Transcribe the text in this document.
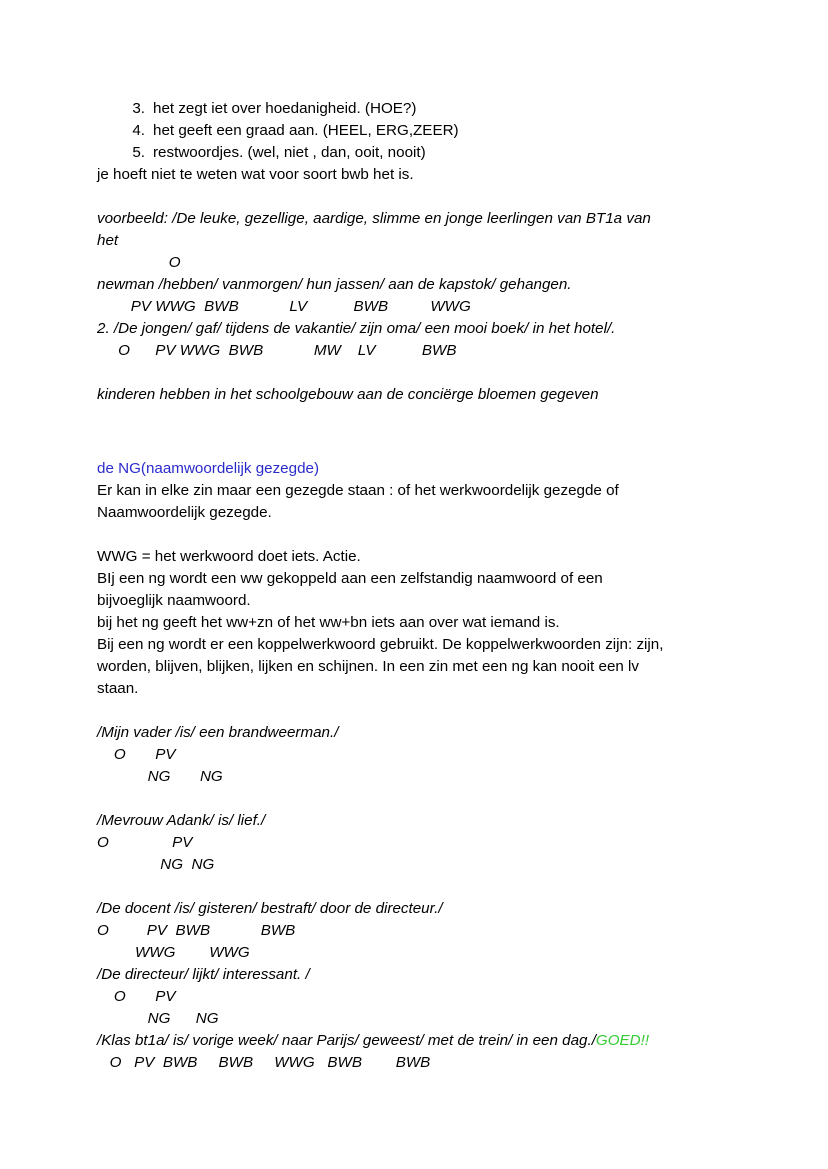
3. het zegt iet over hoedanigheid. (HOE?)
4. het geeft een graad aan. (HEEL, ERG,ZEER)
5. restwoordjes. (wel, niet , dan, ooit, nooit)

je hoeft niet te weten wat voor soort bwb het is.

voorbeeld: /De leuke, gezellige, aardige, slimme en jonge leerlingen van BT1a van
het
O
newman /hebben/ vanmorgen/ hun jassen/ aan de kapstok/ gehangen.
PV WWG  BWB            LV           BWB          WWG
2. /De jongen/ gaf/ tijdens de vakantie/ zijn oma/ een mooi boek/ in het hotel/.
O      PV WWG  BWB            MW    LV           BWB
kinderen hebben in het schoolgebouw aan de conciërge bloemen gegeven
de NG(naamwoordelijk gezegde)

Er kan in elke zin maar een gezegde staan : of het werkwoordelijk gezegde of

Naamwoordelijk gezegde.

WWG = het werkwoord doet iets. Actie.

BIj een ng wordt een ww gekoppeld aan een zelfstandig naamwoord of een

bijvoeglijk naamwoord.

bij het ng geeft het ww+zn of het ww+bn iets aan over wat iemand is.

Bij een ng wordt er een koppelwerkwoord gebruikt. De koppelwerkwoorden zijn: zijn,

worden, blijven, blijken, lijken en schijnen. In een zin met een ng kan nooit een lv

staan.

/Mijn vader /is/ een brandweerman./
O       PV
NG       NG
/Mevrouw Adank/ is/ lief./
O               PV
NG  NG
/De docent /is/ gisteren/ bestraft/ door de directeur./
O         PV  BWB            BWB
WWG        WWG
/De directeur/ lijkt/ interessant. /
O       PV
NG      NG
/Klas bt1a/ is/ vorige week/ naar Parijs/ geweest/ met de trein/ in een dag./GOED!!
O   PV  BWB     BWB     WWG   BWB        BWB
